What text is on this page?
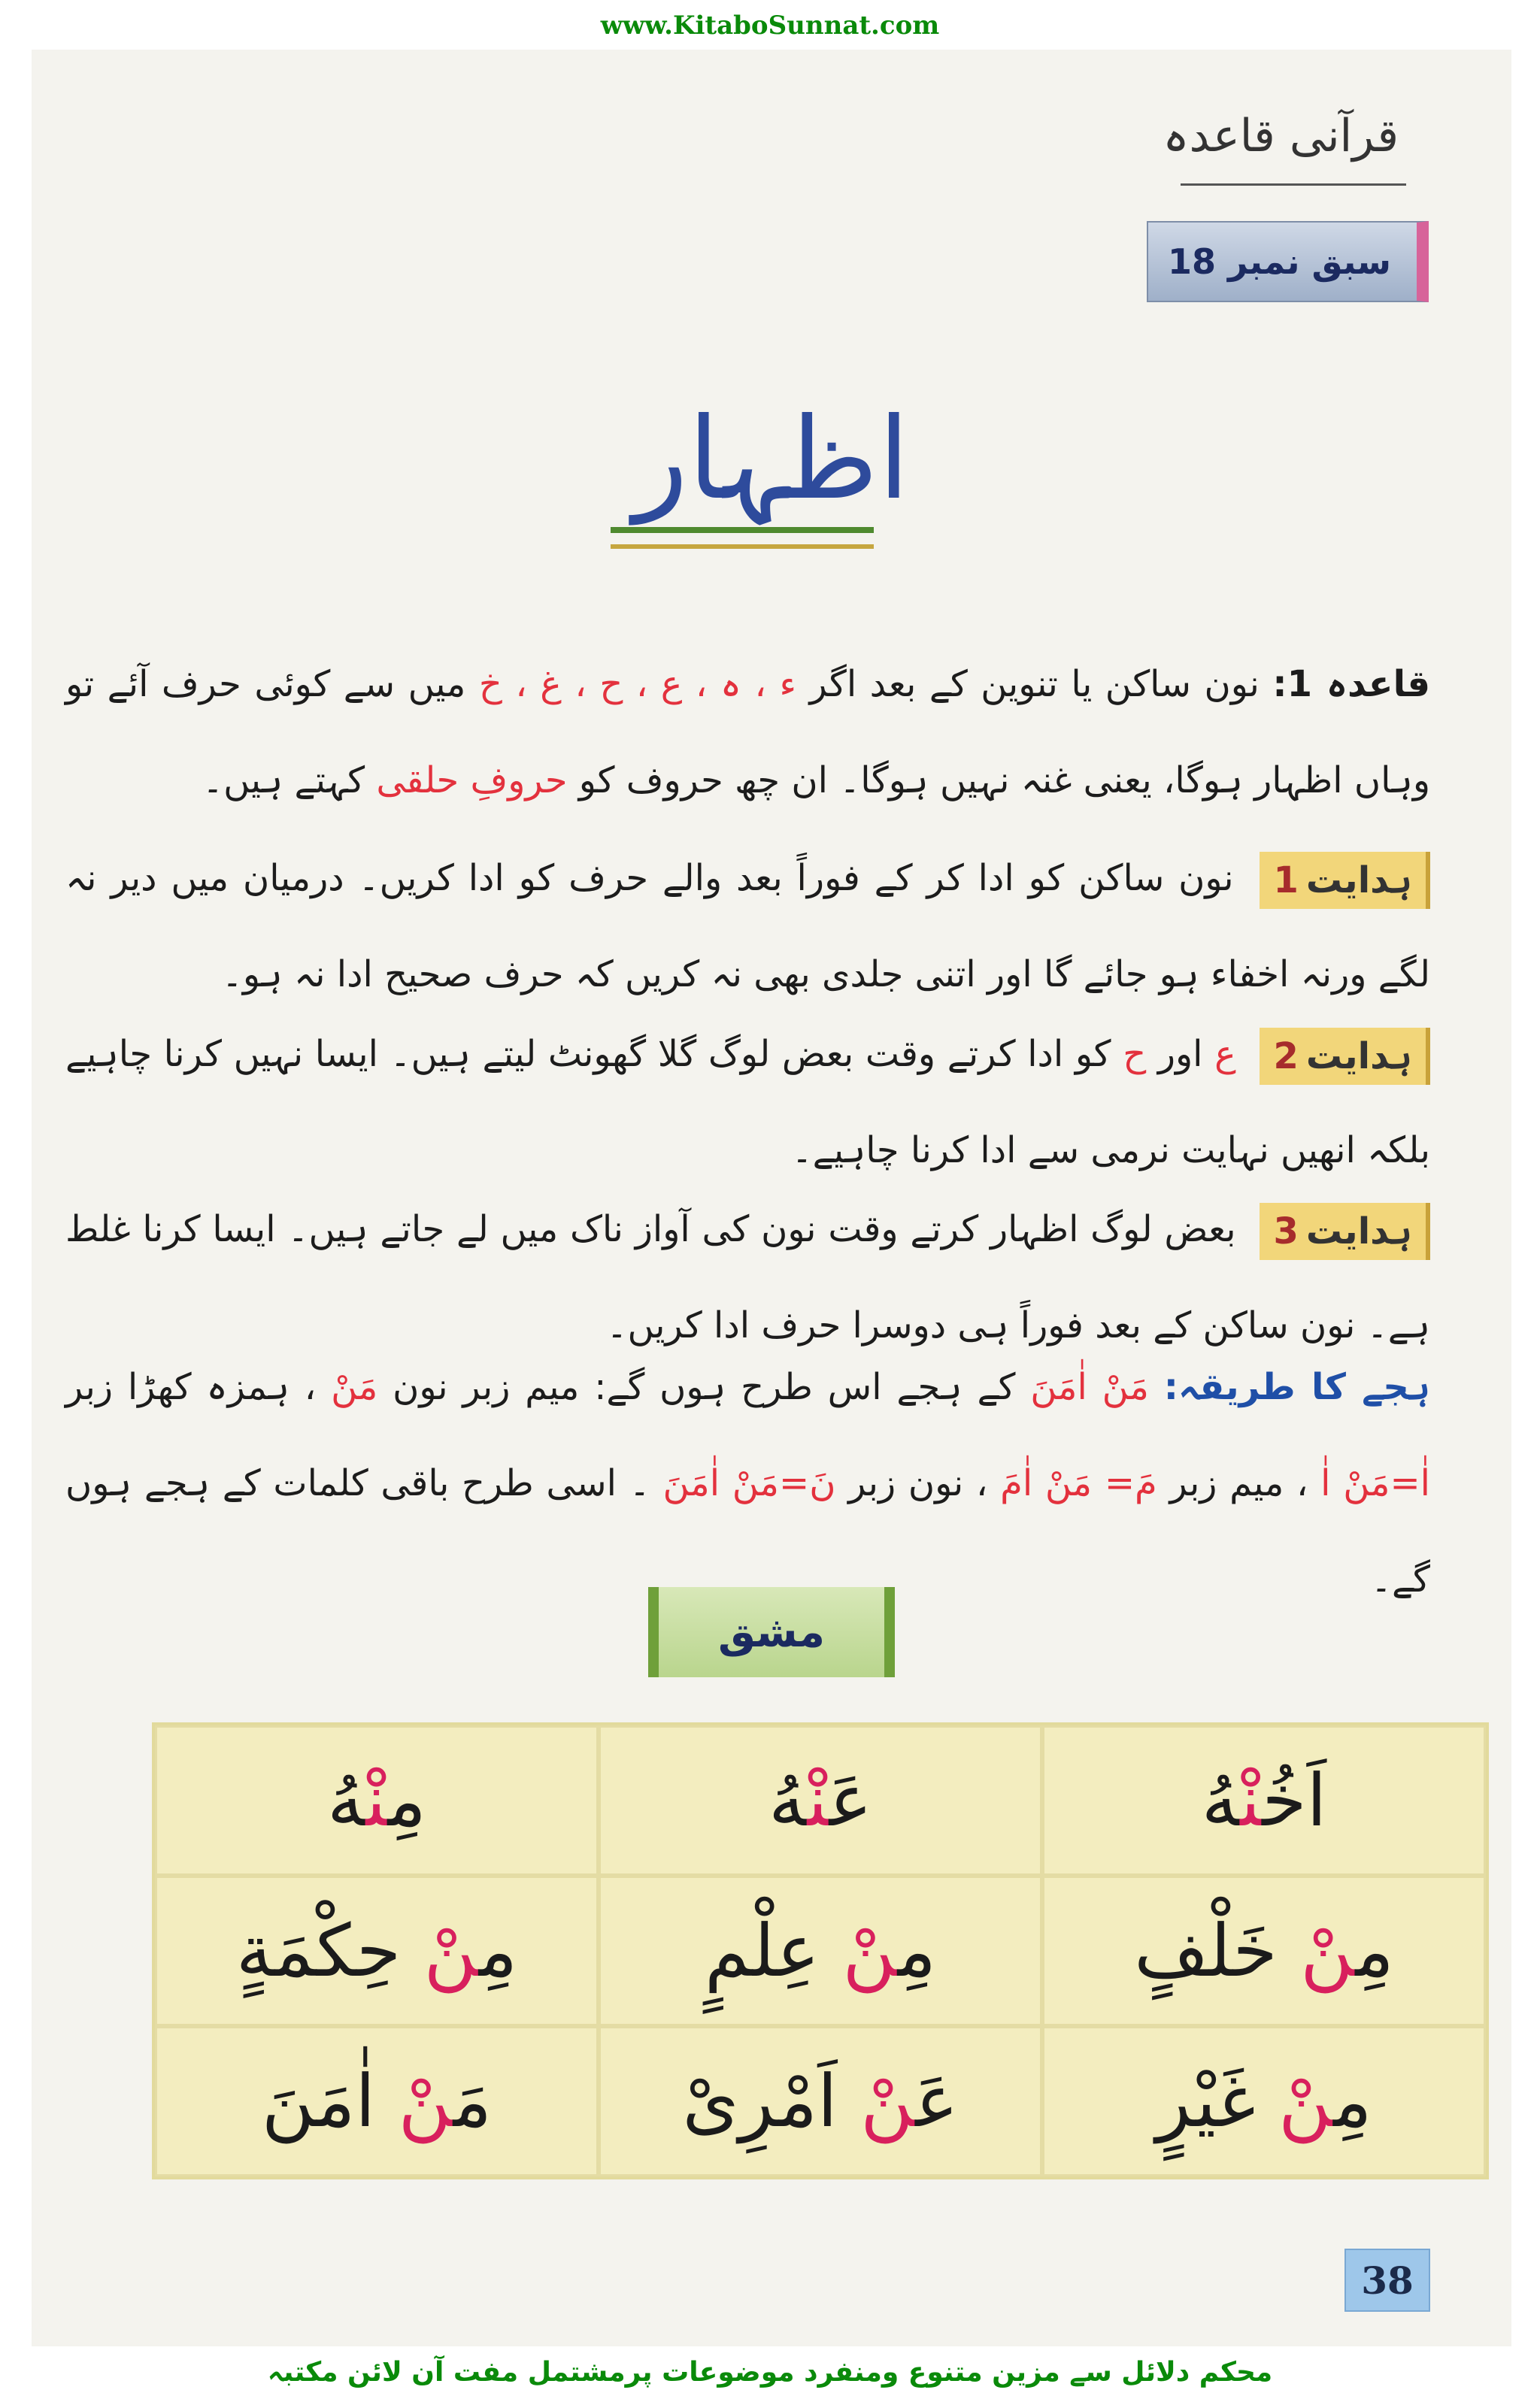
www.KitaboSunnat.com
قرآنی قاعدہ
سبق نمبر 18
اظہار
قاعدہ 1: نون ساکن یا تنوین کے بعد اگر ء ، ہ ، ع ، ح ، غ ، خ میں سے کوئی حرف آئے تو وہاں اظہار ہوگا، یعنی غنہ نہیں ہوگا۔ ان چھ حروف کو حروفِ حلقی کہتے ہیں۔
ہدایت1 نون ساکن کو ادا کر کے فوراً بعد والے حرف کو ادا کریں۔ درمیان میں دیر نہ لگے ورنہ اخفاء ہو جائے گا اور اتنی جلدی بھی نہ کریں کہ حرف صحیح ادا نہ ہو۔
ہدایت2 ع اور ح کو ادا کرتے وقت بعض لوگ گلا گھونٹ لیتے ہیں۔ ایسا نہیں کرنا چاہیے بلکہ انھیں نہایت نرمی سے ادا کرنا چاہیے۔
ہدایت3 بعض لوگ اظہار کرتے وقت نون کی آواز ناک میں لے جاتے ہیں۔ ایسا کرنا غلط ہے۔ نون ساکن کے بعد فوراً ہی دوسرا حرف ادا کریں۔
ہجے کا طریقہ: مَنْ اٰمَنَ کے ہجے اس طرح ہوں گے: میم زبر نون مَنْ ، ہمزہ کھڑا زبر اٰ=مَنْ اٰ ، میم زبر مَ= مَنْ اٰمَ ، نون زبر نَ=مَنْ اٰمَنَ ۔ اسی طرح باقی کلمات کے ہجے ہوں گے۔
مشق
مِنْهُ	عَنْهُ	اَخُنْهُ
مِنْ حِكْمَةٍ	مِنْ عِلْمٍ	مِنْ خَلْفٍ
مَنْ اٰمَنَ	عَنْ اَمْرِىْ	مِنْ غَيْرٍ
38
محکم دلائل سے مزین متنوع ومنفرد موضوعات پرمشتمل مفت آن لائن مکتبہ
